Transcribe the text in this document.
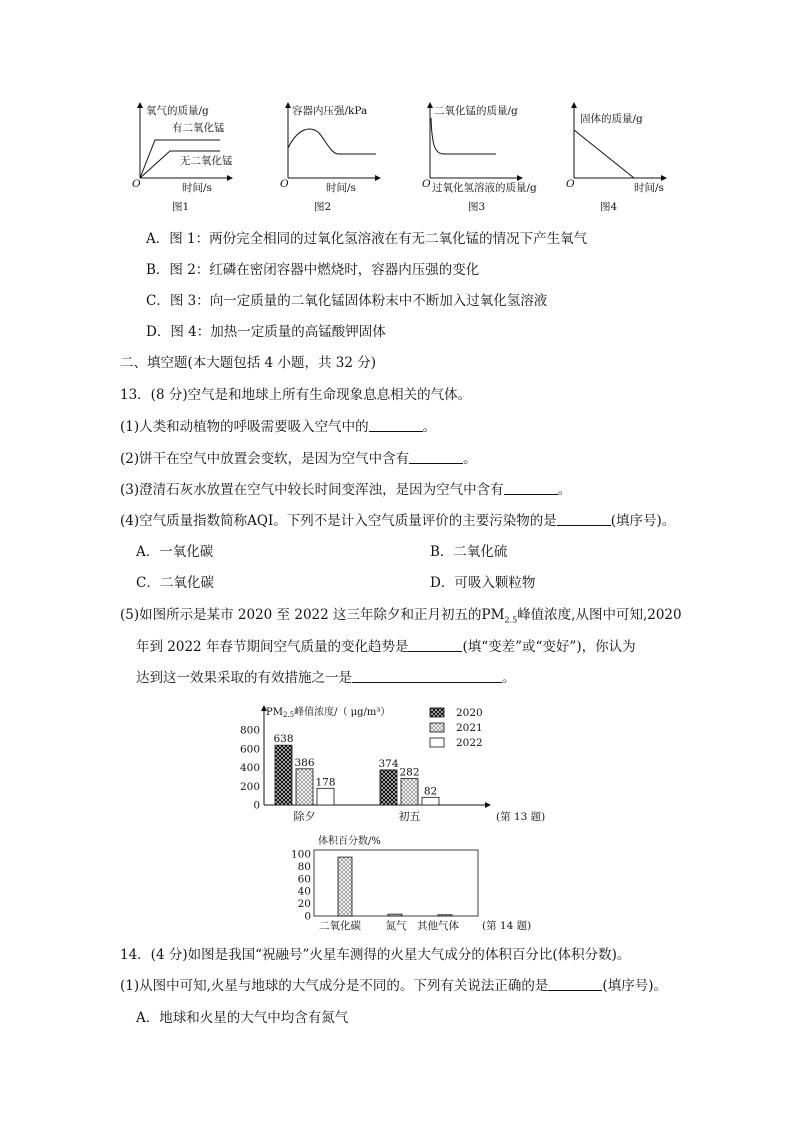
氧气的质量/g
有二氧化锰
无二氧化锰
O	时间/s
图1
容器内压强/kPa
O	时间/s
图2
二氧化锰的质量/g
O 过氧化氢溶液的质量/g
图3
固体的质量/g
O	时间/s
图4
A．图 1：两份完全相同的过氧化氢溶液在有无二氧化锰的情况下产生氧气
B．图 2：红磷在密闭容器中燃烧时，容器内压强的变化
C．图 3：向一定质量的二氧化锰固体粉末中不断加入过氧化氢溶液
D．图 4：加热一定质量的高锰酸钾固体
二、填空题(本大题包括 4 小题，共 32 分)
13．(8 分)空气是和地球上所有生命现象息息相关的气体。
(1)人类和动植物的呼吸需要吸入空气中的	。
(2)饼干在空气中放置会变软，是因为空气中含有	。
(3)澄清石灰水放置在空气中较长时间变浑浊，是因为空气中含有	。
(4)空气质量指数简称AQI。下列不是计入空气质量评价的主要污染物的是	(填序号)。
A．一氧化碳	B．二氧化硫
C．二氧化碳	D．可吸入颗粒物
(5)如图所示是某市 2020 至 2022 这三年除夕和正月初五的$PM_{2.5}$峰值浓度,从图中可知,2020
年到 2022 年春节期间空气质量的变化趋势是	(填“变差”或“变好”)，你认为
达到这一效果采取的有效措施之一是	。
$PM_{2.5}$峰值浓度/（ μg/m³）
0
200
400
600
800
638
386
178
除夕
374
282
82
初五
2020
2021
2022
(第 13 题)
体积百分数/%
0
20
40
60
80
100
二氧化碳 氮气 其他气体 (第 14 题)
14．(4 分)如图是我国“祝融号”火星车测得的火星大气成分的体积百分比(体积分数)。
(1)从图中可知,火星与地球的大气成分是不同的。下列有关说法正确的是	(填序号)。
A．地球和火星的大气中均含有氮气
